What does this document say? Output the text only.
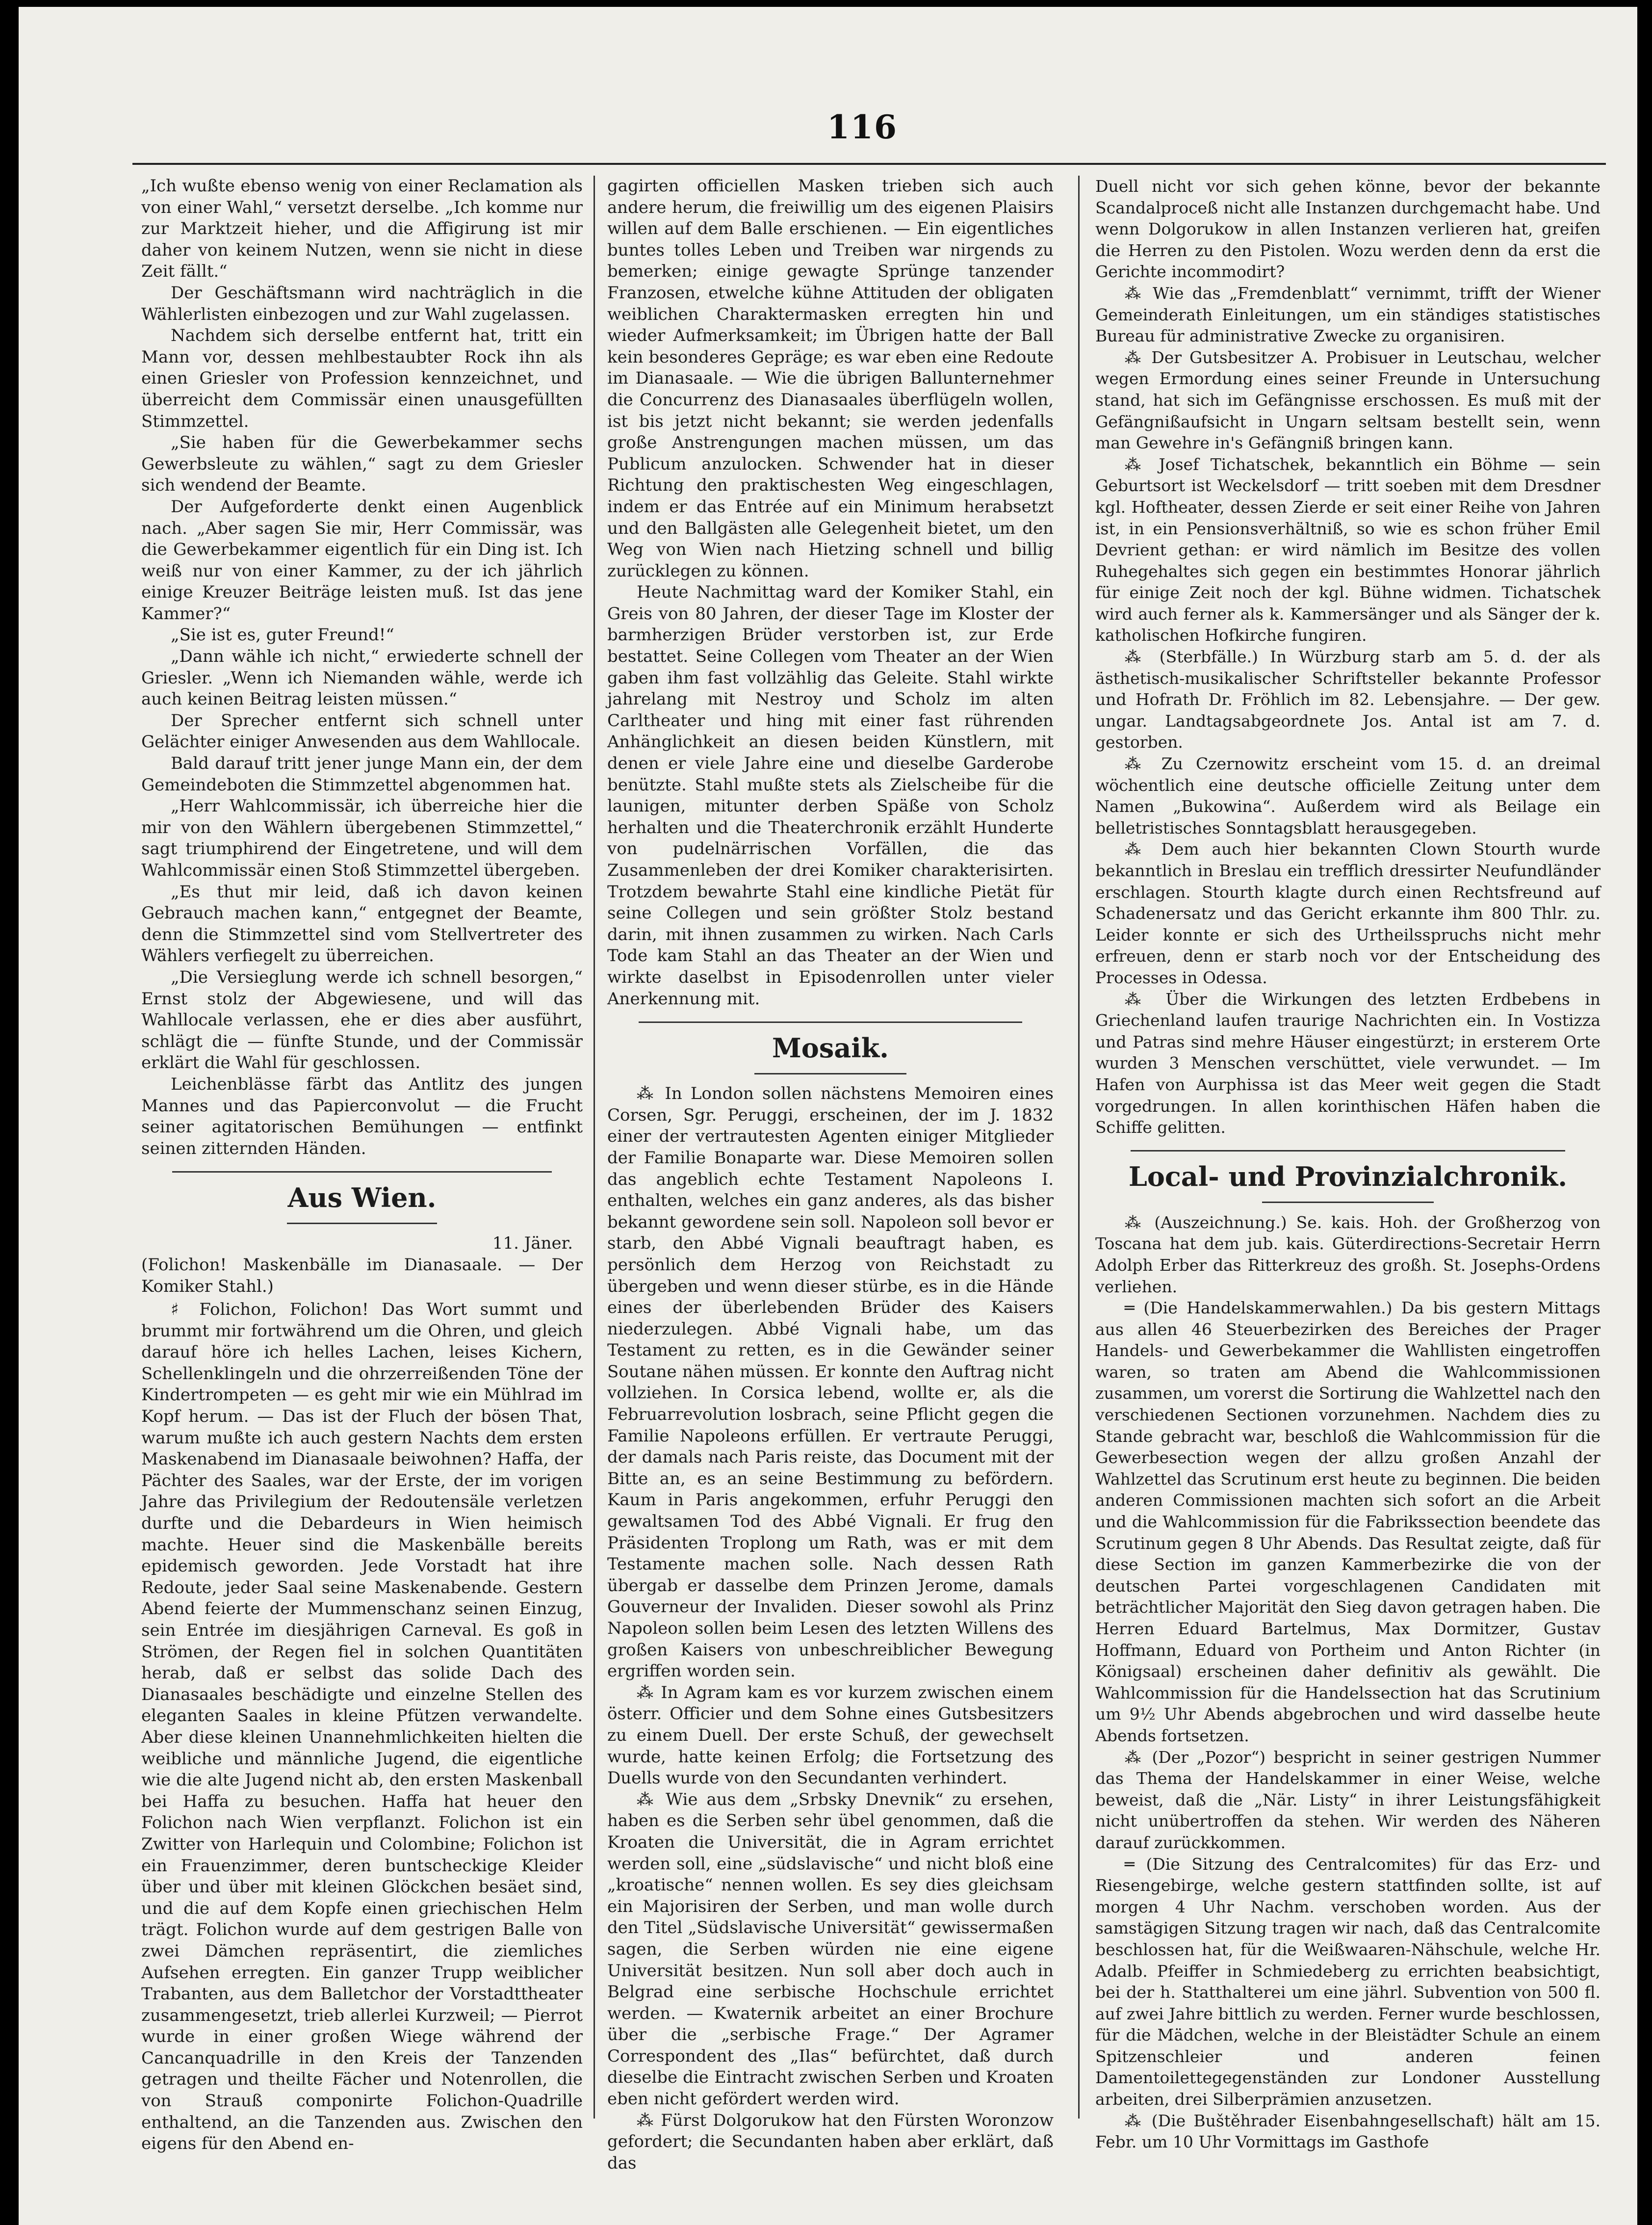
116

„Ich wußte ebenso wenig von einer Reclamation als von einer Wahl,“ versetzt derselbe. „Ich komme nur zur Marktzeit hieher, und die Affigirung ist mir daher von keinem Nutzen, wenn sie nicht in diese Zeit fällt.“

Der Geschäftsmann wird nachträglich in die Wählerlisten einbezogen und zur Wahl zugelassen.

Nachdem sich derselbe entfernt hat, tritt ein Mann vor, dessen mehlbestaubter Rock ihn als einen Griesler von Profession kennzeichnet, und überreicht dem Commissär einen unausgefüllten Stimmzettel.

„Sie haben für die Gewerbekammer sechs Gewerbsleute zu wählen,“ sagt zu dem Griesler sich wendend der Beamte.

Der Aufgeforderte denkt einen Augenblick nach. „Aber sagen Sie mir, Herr Commissär, was die Gewerbekammer eigentlich für ein Ding ist. Ich weiß nur von einer Kammer, zu der ich jährlich einige Kreuzer Beiträge leisten muß. Ist das jene Kammer?“

„Sie ist es, guter Freund!“

„Dann wähle ich nicht,“ erwiederte schnell der Griesler. „Wenn ich Niemanden wähle, werde ich auch keinen Beitrag leisten müssen.“

Der Sprecher entfernt sich schnell unter Gelächter einiger Anwesenden aus dem Wahllocale.

Bald darauf tritt jener junge Mann ein, der dem Gemeindeboten die Stimmzettel abgenommen hat.

„Herr Wahlcommissär, ich überreiche hier die mir von den Wählern übergebenen Stimmzettel,“ sagt triumphirend der Eingetretene, und will dem Wahlcommissär einen Stoß Stimmzettel übergeben.

„Es thut mir leid, daß ich davon keinen Gebrauch machen kann,“ entgegnet der Beamte, denn die Stimmzettel sind vom Stellvertreter des Wählers verfiegelt zu überreichen.

„Die Versieglung werde ich schnell besorgen,“ Ernst stolz der Abgewiesene, und will das Wahllocale verlassen, ehe er dies aber ausführt, schlägt die — fünfte Stunde, und der Commissär erklärt die Wahl für geschlossen.

Leichenblässe färbt das Antlitz des jungen Mannes und das Papierconvolut — die Frucht seiner agitatorischen Bemühungen — entfinkt seinen zitternden Händen.

Aus Wien.

11. Jäner.

(Folichon! Maskenbälle im Dianasaale. — Der Komiker Stahl.)

♯ Folichon, Folichon! Das Wort summt und brummt mir fortwährend um die Ohren, und gleich darauf höre ich helles Lachen, leises Kichern, Schellenklingeln und die ohrzerreißenden Töne der Kindertrompeten — es geht mir wie ein Mühlrad im Kopf herum. — Das ist der Fluch der bösen That, warum mußte ich auch gestern Nachts dem ersten Maskenabend im Dianasaale beiwohnen? Haffa, der Pächter des Saales, war der Erste, der im vorigen Jahre das Privilegium der Redoutensäle verletzen durfte und die Debardeurs in Wien heimisch machte. Heuer sind die Maskenbälle bereits epidemisch geworden. Jede Vorstadt hat ihre Redoute, jeder Saal seine Maskenabende. Gestern Abend feierte der Mummenschanz seinen Einzug, sein Entrée im diesjährigen Carneval. Es goß in Strömen, der Regen fiel in solchen Quantitäten herab, daß er selbst das solide Dach des Dianasaales beschädigte und einzelne Stellen des eleganten Saales in kleine Pfützen verwandelte. Aber diese kleinen Unannehmlichkeiten hielten die weibliche und männliche Jugend, die eigentliche wie die alte Jugend nicht ab, den ersten Maskenball bei Haffa zu besuchen. Haffa hat heuer den Folichon nach Wien verpflanzt. Folichon ist ein Zwitter von Harlequin und Colombine; Folichon ist ein Frauenzimmer, deren buntscheckige Kleider über und über mit kleinen Glöckchen besäet sind, und die auf dem Kopfe einen griechischen Helm trägt. Folichon wurde auf dem gestrigen Balle von zwei Dämchen repräsentirt, die ziemliches Aufsehen erregten. Ein ganzer Trupp weiblicher Trabanten, aus dem Balletchor der Vorstadttheater zusammengesetzt, trieb allerlei Kurzweil; — Pierrot wurde in einer großen Wiege während der Cancanquadrille in den Kreis der Tanzenden getragen und theilte Fächer und Notenrollen, die von Strauß componirte Folichon-Quadrille enthaltend, an die Tanzenden aus. Zwischen den eigens für den Abend en-

gagirten officiellen Masken trieben sich auch andere herum, die freiwillig um des eigenen Plaisirs willen auf dem Balle erschienen. — Ein eigentliches buntes tolles Leben und Treiben war nirgends zu bemerken; einige gewagte Sprünge tanzender Franzosen, etwelche kühne Attituden der obligaten weiblichen Charaktermasken erregten hin und wieder Aufmerksamkeit; im Übrigen hatte der Ball kein besonderes Gepräge; es war eben eine Redoute im Dianasaale. — Wie die übrigen Ballunternehmer die Concurrenz des Dianasaales überflügeln wollen, ist bis jetzt nicht bekannt; sie werden jedenfalls große Anstrengungen machen müssen, um das Publicum anzulocken. Schwender hat in dieser Richtung den praktischesten Weg eingeschlagen, indem er das Entrée auf ein Minimum herabsetzt und den Ballgästen alle Gelegenheit bietet, um den Weg von Wien nach Hietzing schnell und billig zurücklegen zu können.

Heute Nachmittag ward der Komiker Stahl, ein Greis von 80 Jahren, der dieser Tage im Kloster der barmherzigen Brüder verstorben ist, zur Erde bestattet. Seine Collegen vom Theater an der Wien gaben ihm fast vollzählig das Geleite. Stahl wirkte jahrelang mit Nestroy und Scholz im alten Carltheater und hing mit einer fast rührenden Anhänglichkeit an diesen beiden Künstlern, mit denen er viele Jahre eine und dieselbe Garderobe benützte. Stahl mußte stets als Zielscheibe für die launigen, mitunter derben Späße von Scholz herhalten und die Theaterchronik erzählt Hunderte von pudelnärrischen Vorfällen, die das Zusammenleben der drei Komiker charakterisirten. Trotzdem bewahrte Stahl eine kindliche Pietät für seine Collegen und sein größter Stolz bestand darin, mit ihnen zusammen zu wirken. Nach Carls Tode kam Stahl an das Theater an der Wien und wirkte daselbst in Episodenrollen unter vieler Anerkennung mit.

Mosaik.

⁂ In London sollen nächstens Memoiren eines Corsen, Sgr. Peruggi, erscheinen, der im J. 1832 einer der vertrautesten Agenten einiger Mitglieder der Familie Bonaparte war. Diese Memoiren sollen das angeblich echte Testament Napoleons I. enthalten, welches ein ganz anderes, als das bisher bekannt gewordene sein soll. Napoleon soll bevor er starb, den Abbé Vignali beauftragt haben, es persönlich dem Herzog von Reichstadt zu übergeben und wenn dieser stürbe, es in die Hände eines der überlebenden Brüder des Kaisers niederzulegen. Abbé Vignali habe, um das Testament zu retten, es in die Gewänder seiner Soutane nähen müssen. Er konnte den Auftrag nicht vollziehen. In Corsica lebend, wollte er, als die Februarrevolution losbrach, seine Pflicht gegen die Familie Napoleons erfüllen. Er vertraute Peruggi, der damals nach Paris reiste, das Document mit der Bitte an, es an seine Bestimmung zu befördern. Kaum in Paris angekommen, erfuhr Peruggi den gewaltsamen Tod des Abbé Vignali. Er frug den Präsidenten Troplong um Rath, was er mit dem Testamente machen solle. Nach dessen Rath übergab er dasselbe dem Prinzen Jerome, damals Gouverneur der Invaliden. Dieser sowohl als Prinz Napoleon sollen beim Lesen des letzten Willens des großen Kaisers von unbeschreiblicher Bewegung ergriffen worden sein.

⁂ In Agram kam es vor kurzem zwischen einem österr. Officier und dem Sohne eines Gutsbesitzers zu einem Duell. Der erste Schuß, der gewechselt wurde, hatte keinen Erfolg; die Fortsetzung des Duells wurde von den Secundanten verhindert.

⁂ Wie aus dem „Srbsky Dnevnik“ zu ersehen, haben es die Serben sehr übel genommen, daß die Kroaten die Universität, die in Agram errichtet werden soll, eine „südslavische“ und nicht bloß eine „kroatische“ nennen wollen. Es sey dies gleichsam ein Majorisiren der Serben, und man wolle durch den Titel „Südslavische Universität“ gewissermaßen sagen, die Serben würden nie eine eigene Universität besitzen. Nun soll aber doch auch in Belgrad eine serbische Hochschule errichtet werden. — Kwaternik arbeitet an einer Brochure über die „serbische Frage.“ Der Agramer Correspondent des „Ilas“ befürchtet, daß durch dieselbe die Eintracht zwischen Serben und Kroaten eben nicht gefördert werden wird.

⁂ Fürst Dolgorukow hat den Fürsten Woronzow gefordert; die Secundanten haben aber erklärt, daß das

Duell nicht vor sich gehen könne, bevor der bekannte Scandalproceß nicht alle Instanzen durchgemacht habe. Und wenn Dolgorukow in allen Instanzen verlieren hat, greifen die Herren zu den Pistolen. Wozu werden denn da erst die Gerichte incommodirt?

⁂ Wie das „Fremdenblatt“ vernimmt, trifft der Wiener Gemeinderath Einleitungen, um ein ständiges statistisches Bureau für administrative Zwecke zu organisiren.

⁂ Der Gutsbesitzer A. Probisuer in Leutschau, welcher wegen Ermordung eines seiner Freunde in Untersuchung stand, hat sich im Gefängnisse erschossen. Es muß mit der Gefängnißaufsicht in Ungarn seltsam bestellt sein, wenn man Gewehre in's Gefängniß bringen kann.

⁂ Josef Tichatschek, bekanntlich ein Böhme — sein Geburtsort ist Weckelsdorf — tritt soeben mit dem Dresdner kgl. Hoftheater, dessen Zierde er seit einer Reihe von Jahren ist, in ein Pensionsverhältniß, so wie es schon früher Emil Devrient gethan: er wird nämlich im Besitze des vollen Ruhegehaltes sich gegen ein bestimmtes Honorar jährlich für einige Zeit noch der kgl. Bühne widmen. Tichatschek wird auch ferner als k. Kammersänger und als Sänger der k. katholischen Hofkirche fungiren.

⁂ (Sterbfälle.) In Würzburg starb am 5. d. der als ästhetisch-musikalischer Schriftsteller bekannte Professor und Hofrath Dr. Fröhlich im 82. Lebensjahre. — Der gew. ungar. Landtagsabgeordnete Jos. Antal ist am 7. d. gestorben.

⁂ Zu Czernowitz erscheint vom 15. d. an dreimal wöchentlich eine deutsche officielle Zeitung unter dem Namen „Bukowina“. Außerdem wird als Beilage ein belletristisches Sonntagsblatt herausgegeben.

⁂ Dem auch hier bekannten Clown Stourth wurde bekanntlich in Breslau ein trefflich dressirter Neufundländer erschlagen. Stourth klagte durch einen Rechtsfreund auf Schadenersatz und das Gericht erkannte ihm 800 Thlr. zu. Leider konnte er sich des Urtheilsspruchs nicht mehr erfreuen, denn er starb noch vor der Entscheidung des Processes in Odessa.

⁂ Über die Wirkungen des letzten Erdbebens in Griechenland laufen traurige Nachrichten ein. In Vostizza und Patras sind mehre Häuser eingestürzt; in ersterem Orte wurden 3 Menschen verschüttet, viele verwundet. — Im Hafen von Aurphissa ist das Meer weit gegen die Stadt vorgedrungen. In allen korinthischen Häfen haben die Schiffe gelitten.

Local- und Provinzialchronik.

⁂ (Auszeichnung.) Se. kais. Hoh. der Großherzog von Toscana hat dem jub. kais. Güterdirections-Secretair Herrn Adolph Erber das Ritterkreuz des großh. St. Josephs-Ordens verliehen.

═ (Die Handelskammerwahlen.) Da bis gestern Mittags aus allen 46 Steuerbezirken des Bereiches der Prager Handels- und Gewerbekammer die Wahllisten eingetroffen waren, so traten am Abend die Wahlcommissionen zusammen, um vorerst die Sortirung die Wahlzettel nach den verschiedenen Sectionen vorzunehmen. Nachdem dies zu Stande gebracht war, beschloß die Wahlcommission für die Gewerbesection wegen der allzu großen Anzahl der Wahlzettel das Scrutinum erst heute zu beginnen. Die beiden anderen Commissionen machten sich sofort an die Arbeit und die Wahlcommission für die Fabrikssection beendete das Scrutinum gegen 8 Uhr Abends. Das Resultat zeigte, daß für diese Section im ganzen Kammerbezirke die von der deutschen Partei vorgeschlagenen Candidaten mit beträchtlicher Majorität den Sieg davon getragen haben. Die Herren Eduard Bartelmus, Max Dormitzer, Gustav Hoffmann, Eduard von Portheim und Anton Richter (in Königsaal) erscheinen daher definitiv als gewählt. Die Wahlcommission für die Handelssection hat das Scrutinium um 9½ Uhr Abends abgebrochen und wird dasselbe heute Abends fortsetzen.

⁂ (Der „Pozor“) bespricht in seiner gestrigen Nummer das Thema der Handelskammer in einer Weise, welche beweist, daß die „När. Listy“ in ihrer Leistungsfähigkeit nicht unübertroffen da stehen. Wir werden des Näheren darauf zurückkommen.

═ (Die Sitzung des Centralcomites) für das Erz- und Riesengebirge, welche gestern stattfinden sollte, ist auf morgen 4 Uhr Nachm. verschoben worden. Aus der samstägigen Sitzung tragen wir nach, daß das Centralcomite beschlossen hat, für die Weißwaaren-Nähschule, welche Hr. Adalb. Pfeiffer in Schmiedeberg zu errichten beabsichtigt, bei der h. Statthalterei um eine jährl. Subvention von 500 fl. auf zwei Jahre bittlich zu werden. Ferner wurde beschlossen, für die Mädchen, welche in der Bleistädter Schule an einem Spitzenschleier und anderen feinen Damentoilettegegenständen zur Londoner Ausstellung arbeiten, drei Silberprämien anzusetzen.

⁂ (Die Buštěhrader Eisenbahngesellschaft) hält am 15. Febr. um 10 Uhr Vormittags im Gasthofe
